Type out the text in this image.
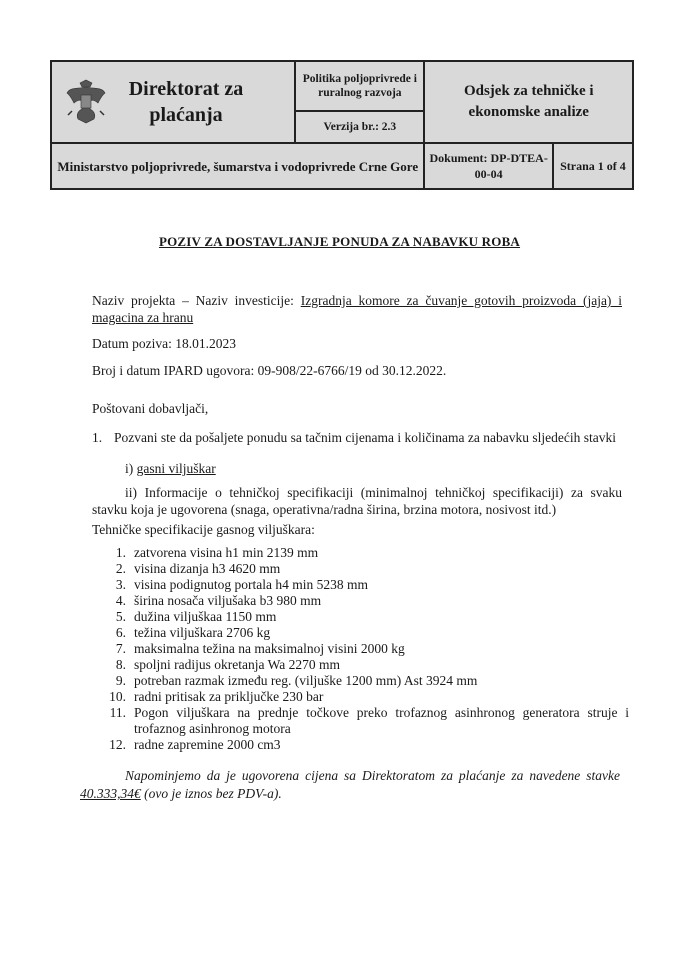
Direktorat za plaćanja	Politika poljoprivrede i ruralnog razvoja	Odsjek za tehničke i ekonomske analize	
	Verzija br.: 2.3		
Ministarstvo poljoprivrede, šumarstva i vodoprivrede Crne Gore		Dokument: DP-DTEA-00-04	Strana 1 of 4
POZIV ZA DOSTAVLJANJE PONUDA ZA NABAVKU ROBA
Naziv projekta – Naziv investicije: Izgradnja komore za čuvanje gotovih proizvoda (jaja) i magacina za hranu
Datum poziva: 18.01.2023
Broj i datum IPARD ugovora: 09-908/22-6766/19 od 30.12.2022.
Poštovani dobavljači,
1. Pozvani ste da pošaljete ponudu sa tačnim cijenama i količinama za nabavku sljedećih stavki
i) gasni viljuškar
ii) Informacije o tehničkoj specifikaciji (minimalnoj tehničkoj specifikaciji) za svaku stavku koja je ugovorena (snaga, operativna/radna širina, brzina motora, nosivost itd.)
Tehničke specifikacije gasnog viljuškara:
1. zatvorena visina h1 min 2139 mm
2. visina dizanja h3 4620 mm
3. visina podignutog portala h4 min 5238 mm
4. širina nosača viljušaka b3 980 mm
5. dužina viljuškaa 1150 mm
6. težina viljuškara 2706 kg
7. maksimalna težina na maksimalnoj visini 2000 kg
8. spoljni radijus okretanja Wa 2270 mm
9. potreban razmak između reg. (viljuške 1200 mm) Ast 3924 mm
10. radni pritisak za priključke 230 bar
11. Pogon viljuškara na prednje točkove preko trofaznog asinhronog generatora struje i trofaznog asinhronog motora
12. radne zapremine 2000 cm3
Napominjemo da je ugovorena cijena sa Direktoratom za plaćanje za navedene stavke 40.333,34€ (ovo je iznos bez PDV-a).
